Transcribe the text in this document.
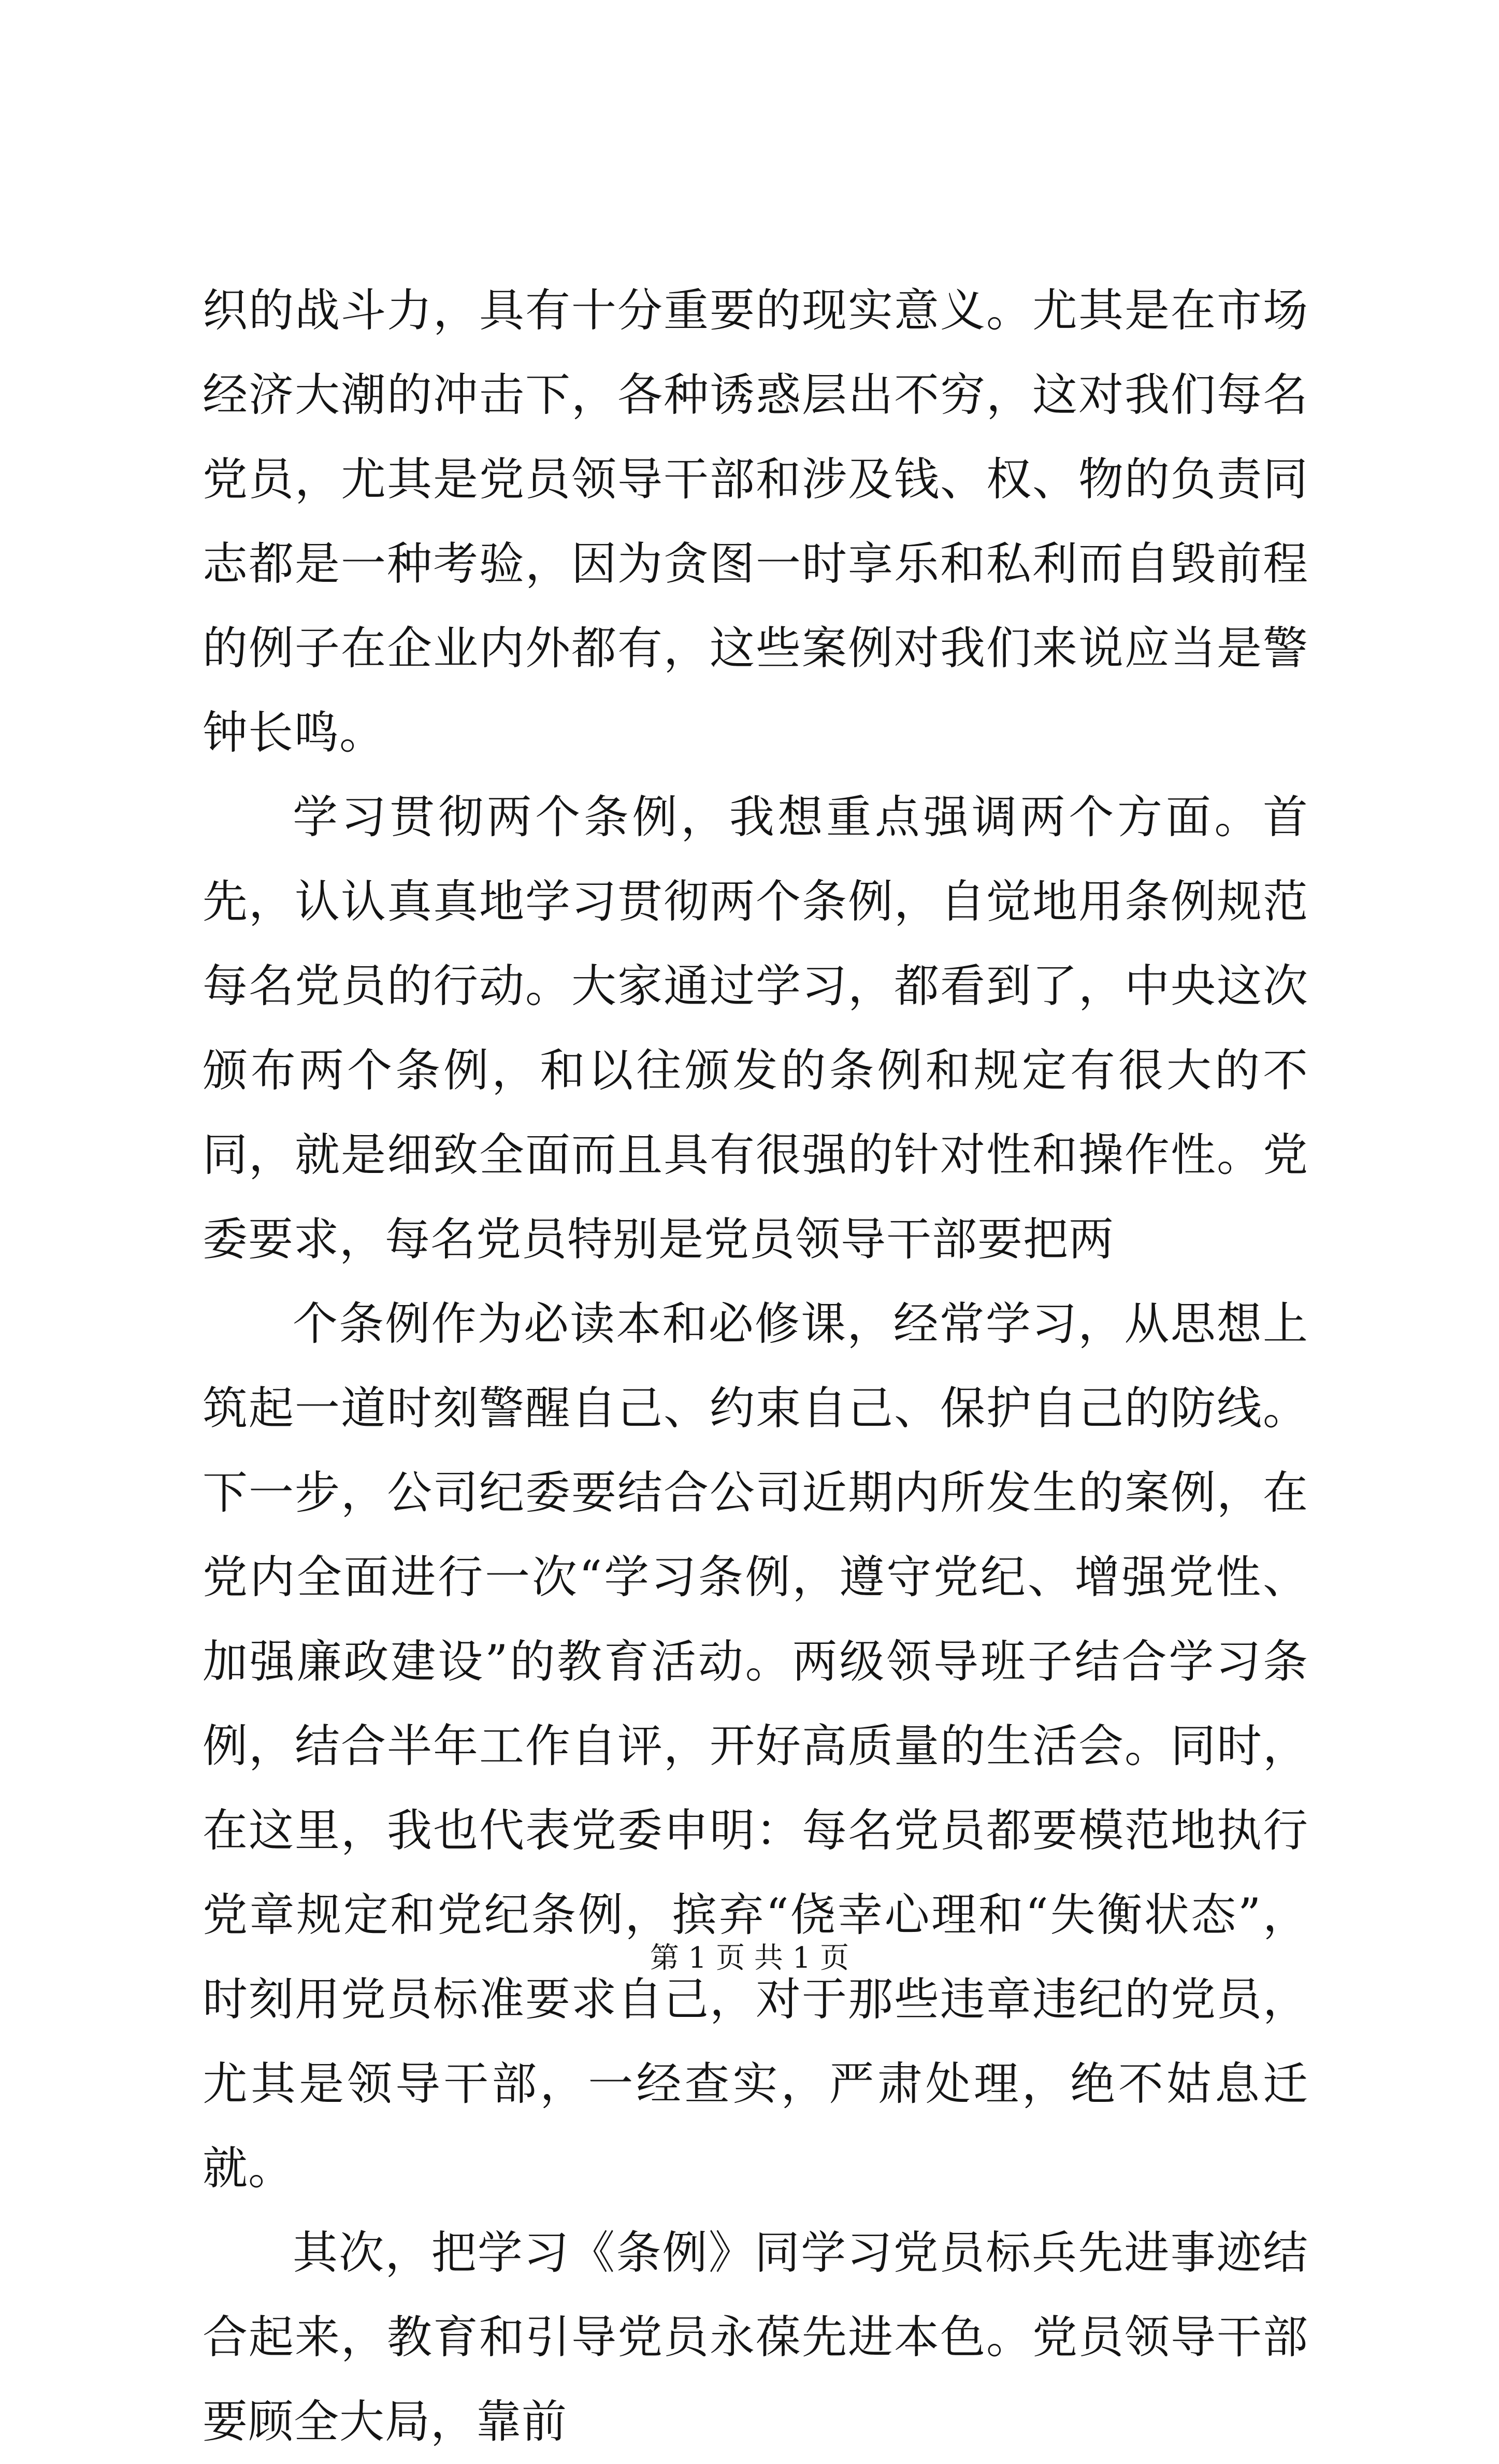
织的战斗力，具有十分重要的现实意义。尤其是在市场经济大潮的冲击下，各种诱惑层出不穷，这对我们每名党员，尤其是党员领导干部和涉及钱、权、物的负责同志都是一种考验，因为贪图一时享乐和私利而自毁前程的例子在企业内外都有，这些案例对我们来说应当是警钟长鸣。

学习贯彻两个条例，我想重点强调两个方面。首先，认认真真地学习贯彻两个条例，自觉地用条例规范每名党员的行动。大家通过学习，都看到了，中央这次颁布两个条例，和以往颁发的条例和规定有很大的不同，就是细致全面而且具有很强的针对性和操作性。党委要求，每名党员特别是党员领导干部要把两

个条例作为必读本和必修课，经常学习，从思想上筑起一道时刻警醒自己、约束自己、保护自己的防线。下一步，公司纪委要结合公司近期内所发生的案例，在党内全面进行一次“学习条例，遵守党纪、增强党性、加强廉政建设”的教育活动。两级领导班子结合学习条例，结合半年工作自评，开好高质量的生活会。同时，在这里，我也代表党委申明：每名党员都要模范地执行党章规定和党纪条例，摈弃“侥幸心理和“失衡状态”，时刻用党员标准要求自己，对于那些违章违纪的党员，尤其是领导干部，一经查实，严肃处理，绝不姑息迁就。

其次，把学习《条例》同学习党员标兵先进事迹结合起来，教育和引导党员永葆先进本色。党员领导干部要顾全大局，靠前

第 1 页 共 1 页
